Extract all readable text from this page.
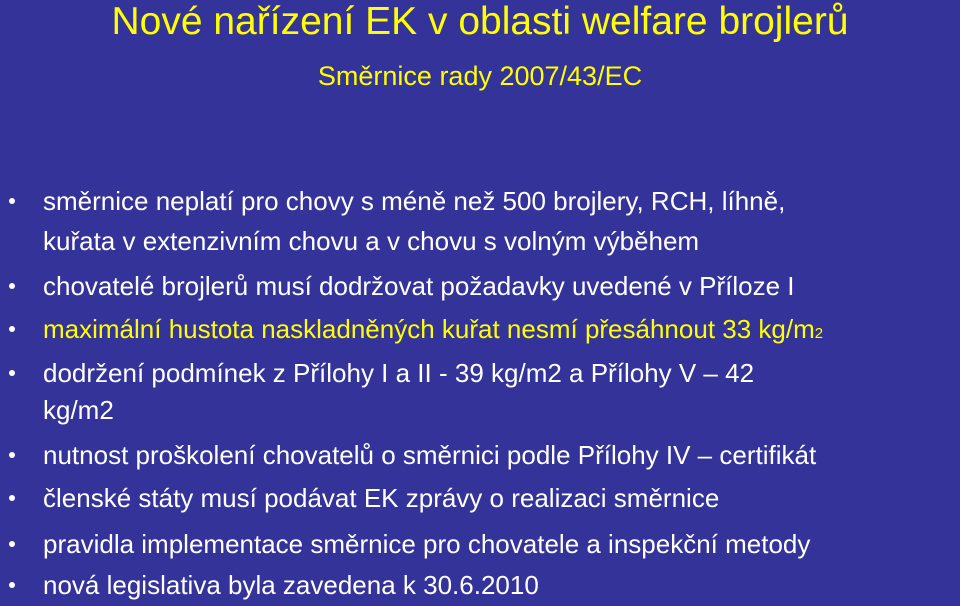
Nové nařízení EK v oblasti welfare brojlerů
Směrnice rady 2007/43/EC
směrnice neplatí pro chovy s méně než 500 brojlery, RCH, líhně,
kuřata v extenzivním chovu a v chovu s volným výběhem
chovatelé brojlerů musí dodržovat požadavky uvedené v Příloze I
maximální hustota naskladněných kuřat nesmí přesáhnout 33 kg/m2
dodržení podmínek z Přílohy I a II - 39 kg/m2 a Přílohy V – 42
kg/m2
nutnost proškolení chovatelů o směrnici podle Přílohy IV – certifikát
členské státy musí podávat EK zprávy o realizaci směrnice
pravidla implementace směrnice pro chovatele a inspekční metody
nová legislativa byla zavedena k 30.6.2010
